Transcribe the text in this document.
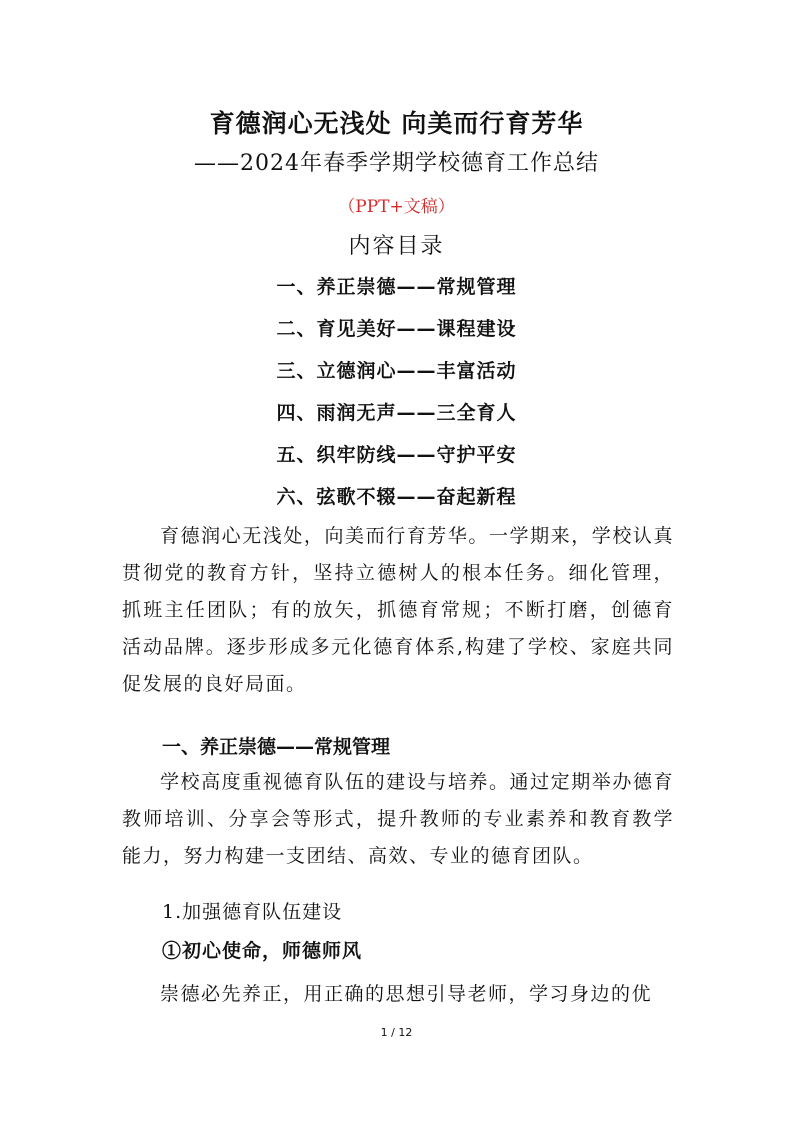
育德润心无浅处 向美而行育芳华
——2024年春季学期学校德育工作总结
（PPT+文稿）
内容目录
一、养正崇德——常规管理
二、育见美好——课程建设
三、立德润心——丰富活动
四、雨润无声——三全育人
五、织牢防线——守护平安
六、弦歌不辍——奋起新程
育德润心无浅处，向美而行育芳华。一学期来，学校认真贯彻党的教育方针，坚持立德树人的根本任务。细化管理，抓班主任团队；有的放矢，抓德育常规；不断打磨，创德育活动品牌。逐步形成多元化德育体系,构建了学校、家庭共同促发展的良好局面。
一、养正崇德——常规管理
学校高度重视德育队伍的建设与培养。通过定期举办德育教师培训、分享会等形式，提升教师的专业素养和教育教学能力，努力构建一支团结、高效、专业的德育团队。
1.加强德育队伍建设
①初心使命，师德师风
崇德必先养正，用正确的思想引导老师，学习身边的优
1 / 12
